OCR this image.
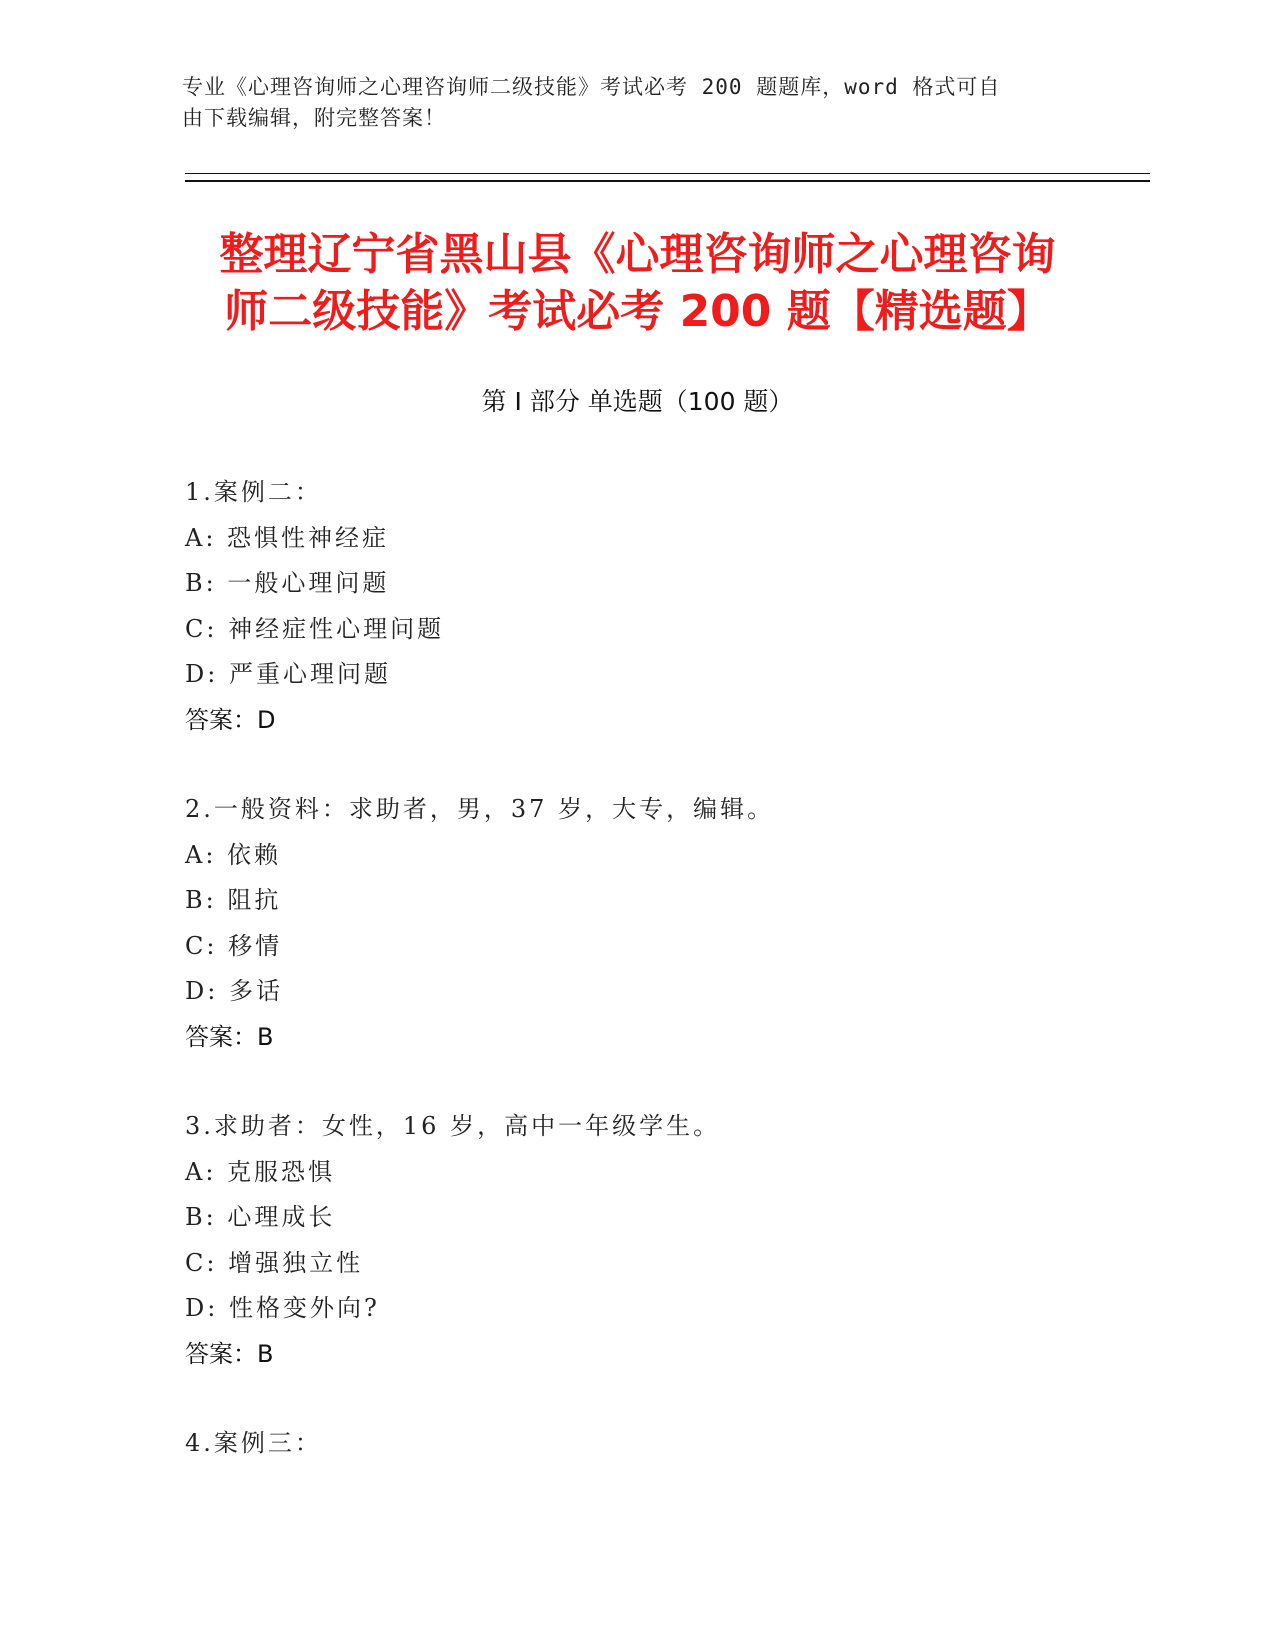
专业《心理咨询师之心理咨询师二级技能》考试必考 200 题题库，word 格式可自
由下载编辑，附完整答案！
整理辽宁省黑山县《心理咨询师之心理咨询
师二级技能》考试必考 200 题【精选题】
第 I 部分 单选题（100 题）
1.案例二：
A: 恐惧性神经症
B: 一般心理问题
C: 神经症性心理问题
D: 严重心理问题
答案：D
2.一般资料：求助者，男，37 岁，大专，编辑。
A: 依赖
B: 阻抗
C: 移情
D: 多话
答案：B
3.求助者：女性，16 岁，高中一年级学生。
A: 克服恐惧
B: 心理成长
C: 增强独立性
D: 性格变外向?
答案：B
4.案例三：
